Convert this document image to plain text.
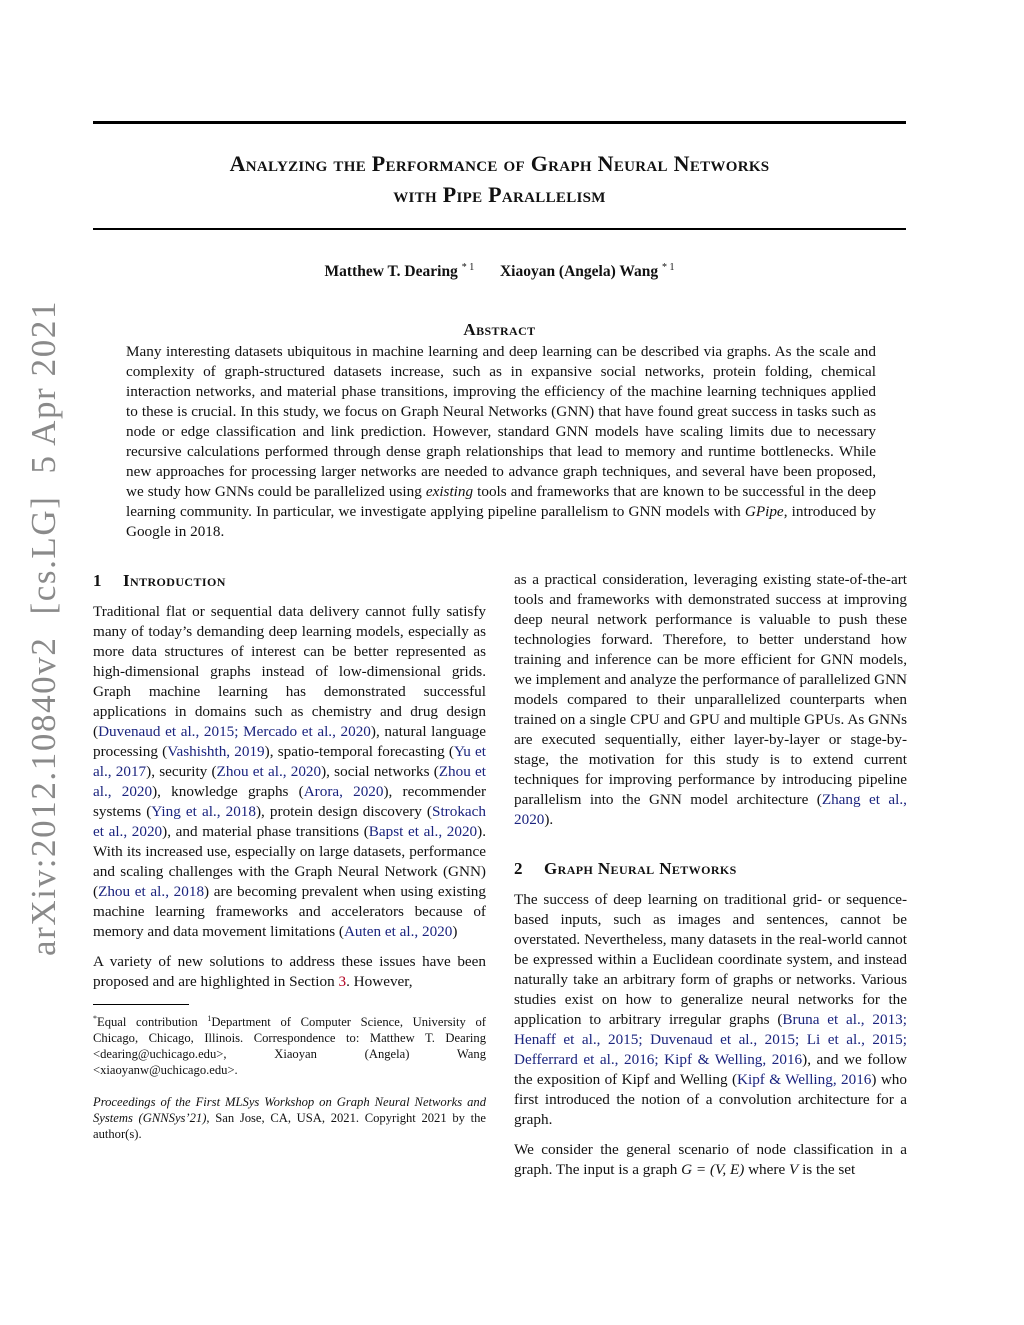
arXiv:2012.10840v2[cs.LG]5 Apr 2021
Analyzing the Performance of Graph Neural Networks
with Pipe Parallelism
Matthew T. Dearing $^{* 1}$ Xiaoyan (Angela) Wang $^{* 1}$
Abstract
Many interesting datasets ubiquitous in machine learning and deep learning can be described via graphs. As the scale and complexity of graph-structured datasets increase, such as in expansive social networks, protein folding, chemical interaction networks, and material phase transitions, improving the efficiency of the machine learning techniques applied to these is crucial. In this study, we focus on Graph Neural Networks (GNN) that have found great success in tasks such as node or edge classification and link prediction. However, standard GNN models have scaling limits due to necessary recursive calculations performed through dense graph relationships that lead to memory and runtime bottlenecks. While new approaches for processing larger networks are needed to advance graph techniques, and several have been proposed, we study how GNNs could be parallelized using existing tools and frameworks that are known to be successful in the deep learning community. In particular, we investigate applying pipeline parallelism to GNN models with GPipe, introduced by Google in 2018.
1 Introduction

Traditional flat or sequential data delivery cannot fully satisfy many of today’s demanding deep learning models, especially as more data structures of interest can be better represented as high-dimensional graphs instead of low-dimensional grids. Graph machine learning has demonstrated successful applications in domains such as chemistry and drug design (Duvenaud et al., 2015; Mercado et al., 2020), natural language processing (Vashishth, 2019), spatio-temporal forecasting (Yu et al., 2017), security (Zhou et al., 2020), social networks (Zhou et al., 2020), knowledge graphs (Arora, 2020), recommender systems (Ying et al., 2018), protein design discovery (Strokach et al., 2020), and material phase transitions (Bapst et al., 2020). With its increased use, especially on large datasets, performance and scaling challenges with the Graph Neural Network (GNN) (Zhou et al., 2018) are becoming prevalent when using existing machine learning frameworks and accelerators because of memory and data movement limitations (Auten et al., 2020)

A variety of new solutions to address these issues have been proposed and are highlighted in Section 3. However,

*Equal contribution $^1$Department of Computer Science, University of Chicago, Chicago, Illinois. Correspondence to: Matthew T. Dearing <dearing@uchicago.edu>, Xiaoyan (Angela) Wang <xiaoyanw@uchicago.edu>.

Proceedings of the First MLSys Workshop on Graph Neural Networks and Systems (GNNSys’21), San Jose, CA, USA, 2021. Copyright 2021 by the author(s).

as a practical consideration, leveraging existing state-of-the-art tools and frameworks with demonstrated success at improving deep neural network performance is valuable to push these technologies forward. Therefore, to better understand how training and inference can be more efficient for GNN models, we implement and analyze the performance of parallelized GNN models compared to their unparallelized counterparts when trained on a single CPU and GPU and multiple GPUs. As GNNs are executed sequentially, either layer-by-layer or stage-by-stage, the motivation for this study is to extend current techniques for improving performance by introducing pipeline parallelism into the GNN model architecture (Zhang et al., 2020).

2 Graph Neural Networks

The success of deep learning on traditional grid- or sequence-based inputs, such as images and sentences, cannot be overstated. Nevertheless, many datasets in the real-world cannot be expressed within a Euclidean coordinate system, and instead naturally take an arbitrary form of graphs or networks. Various studies exist on how to generalize neural networks for the application to arbitrary irregular graphs (Bruna et al., 2013; Henaff et al., 2015; Duvenaud et al., 2015; Li et al., 2015; Defferrard et al., 2016; Kipf & Welling, 2016), and we follow the exposition of Kipf and Welling (Kipf & Welling, 2016) who first introduced the notion of a convolution architecture for a graph.

We consider the general scenario of node classification in a graph. The input is a graph G = (V, E) where V is the set
